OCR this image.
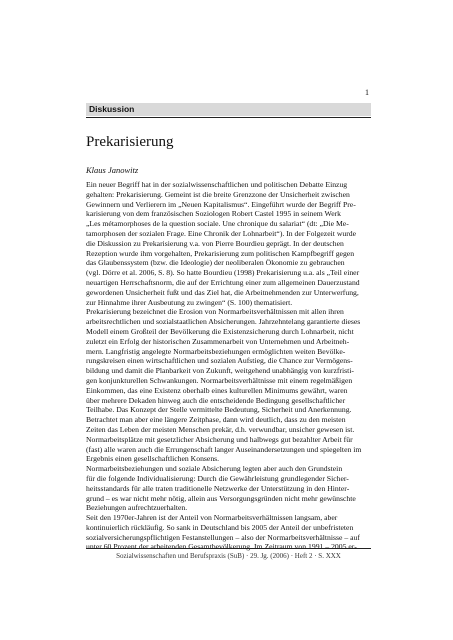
1
Diskussion
Prekarisierung
Klaus Janowitz
Ein neuer Begriff hat in der sozialwissenschaftlichen und politischen Debatte Einzug
gehalten: Prekarisierung. Gemeint ist die breite Grenzzone der Unsicherheit zwischen
Gewinnern und Verlierern im „Neuen Kapitalismus“. Eingeführt wurde der Begriff Pre-
karisierung von dem französischen Soziologen Robert Castel 1995 in seinem Werk
„Les métamorphoses de la question sociale. Une chronique du salariat“ (dt: „Die Me-
tamorphosen der sozialen Frage. Eine Chronik der Lohnarbeit“). In der Folgezeit wurde
die Diskussion zu Prekarisierung v.a. von Pierre Bourdieu geprägt. In der deutschen
Rezeption wurde ihm vorgehalten, Prekarisierung zum politischen Kampfbegriff gegen
das Glaubenssystem (bzw. die Ideologie) der neoliberalen Ökonomie zu gebrauchen
(vgl. Dörre et al. 2006, S. 8). So hatte Bourdieu (1998) Prekarisierung u.a. als „Teil einer
neuartigen Herrschaftsnorm, die auf der Errichtung einer zum allgemeinen Dauerzustand
gewordenen Unsicherheit fußt und das Ziel hat, die Arbeitnehmenden zur Unterwerfung,
zur Hinnahme ihrer Ausbeutung zu zwingen“ (S. 100) thematisiert.
Prekarisierung bezeichnet die Erosion von Normarbeitsverhältnissen mit allen ihren
arbeitsrechtlichen und sozialstaatlichen Absicherungen. Jahrzehntelang garantierte dieses
Modell einem Großteil der Bevölkerung die Existenzsicherung durch Lohnarbeit, nicht
zuletzt ein Erfolg der historischen Zusammenarbeit von Unternehmen und Arbeitneh-
mern. Langfristig angelegte Normarbeitsbeziehungen ermöglichten weiten Bevölke-
rungskreisen einen wirtschaftlichen und sozialen Aufstieg, die Chance zur Vermögens-
bildung und damit die Planbarkeit von Zukunft, weitgehend unabhängig von kurzfristi-
gen konjunkturellen Schwankungen. Normarbeitsverhältnisse mit einem regelmäßigen
Einkommen, das eine Existenz oberhalb eines kulturellen Minimums gewährt, waren
über mehrere Dekaden hinweg auch die entscheidende Bedingung gesellschaftlicher
Teilhabe. Das Konzept der Stelle vermittelte Bedeutung, Sicherheit und Anerkennung.
Betrachtet man aber eine längere Zeitphase, dann wird deutlich, dass zu den meisten
Zeiten das Leben der meisten Menschen prekär, d.h. verwundbar, unsicher gewesen ist.
Normarbeitsplätze mit gesetzlicher Absicherung und halbwegs gut bezahlter Arbeit für
(fast) alle waren auch die Errungenschaft langer Auseinandersetzungen und spiegelten im
Ergebnis einen gesellschaftlichen Konsens.
Normarbeitsbeziehungen und soziale Absicherung legten aber auch den Grundstein
für die folgende Individualisierung: Durch die Gewährleistung grundlegender Sicher-
heitsstandards für alle traten traditionelle Netzwerke der Unterstützung in den Hinter-
grund – es war nicht mehr nötig, allein aus Versorgungsgründen nicht mehr gewünschte
Beziehungen aufrechtzuerhalten.
Seit den 1970er-Jahren ist der Anteil von Normarbeitsverhältnissen langsam, aber
kontinuierlich rückläufig. So sank in Deutschland bis 2005 der Anteil der unbefristeten
sozialversicherungspflichtigen Festanstellungen – also der Normarbeitsverhältnisse – auf
unter 60 Prozent der arbeitenden Gesamtbevölkerung. Im Zeitraum von 1991 – 2005 er-
Sozialwissenschaften und Berufspraxis (SuB) · 29. Jg. (2006) · Heft 2 · S. XXX
